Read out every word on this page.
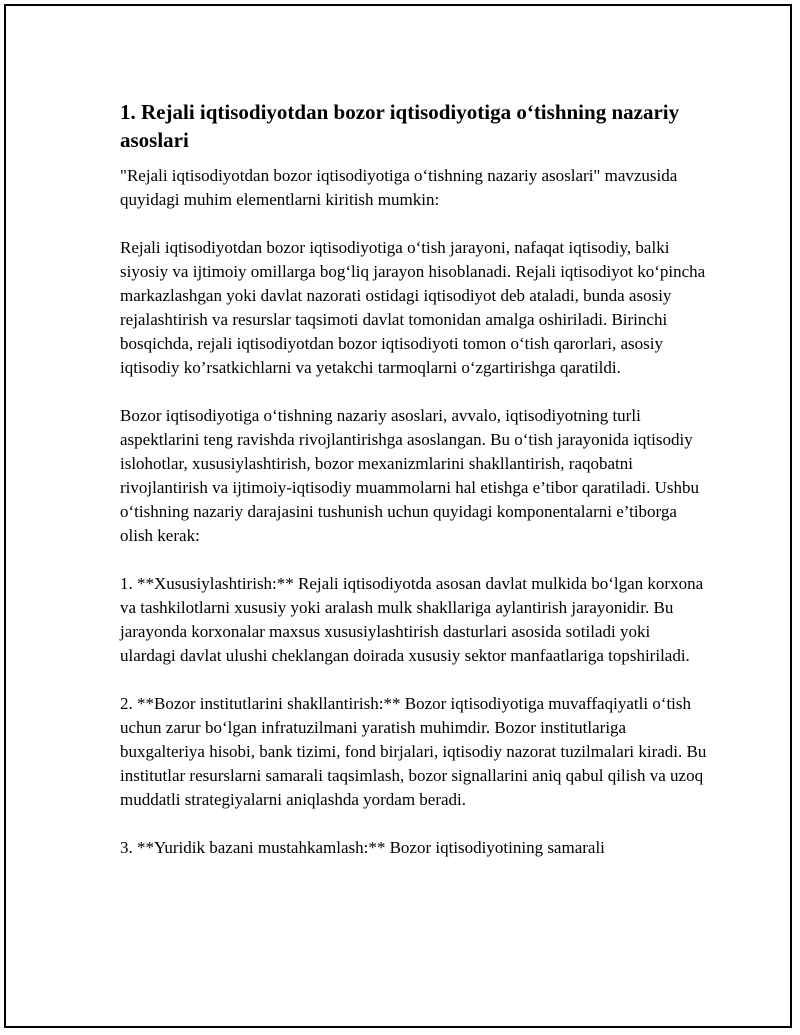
1. Rejali iqtisodiyotdan bozor iqtisodiyotiga o‘tishning nazariy asoslari

"Rejali iqtisodiyotdan bozor iqtisodiyotiga o‘tishning nazariy asoslari" mavzusida quyidagi muhim elementlarni kiritish mumkin:

Rejali iqtisodiyotdan bozor iqtisodiyotiga o‘tish jarayoni, nafaqat iqtisodiy, balki siyosiy va ijtimoiy omillarga bog‘liq jarayon hisoblanadi. Rejali iqtisodiyot ko‘pincha markazlashgan yoki davlat nazorati ostidagi iqtisodiyot deb ataladi, bunda asosiy rejalashtirish va resurslar taqsimoti davlat tomonidan amalga oshiriladi. Birinchi bosqichda, rejali iqtisodiyotdan bozor iqtisodiyoti tomon o‘tish qarorlari, asosiy iqtisodiy ko’rsatkichlarni va yetakchi tarmoqlarni o‘zgartirishga qaratildi.

Bozor iqtisodiyotiga o‘tishning nazariy asoslari, avvalo, iqtisodiyotning turli aspektlarini teng ravishda rivojlantirishga asoslangan. Bu o‘tish jarayonida iqtisodiy islohotlar, xususiylashtirish, bozor mexanizmlarini shakllantirish, raqobatni rivojlantirish va ijtimoiy-iqtisodiy muammolarni hal etishga e’tibor qaratiladi. Ushbu o‘tishning nazariy darajasini tushunish uchun quyidagi komponentalarni e’tiborga olish kerak:

1. **Xususiylashtirish:** Rejali iqtisodiyotda asosan davlat mulkida bo‘lgan korxona va tashkilotlarni xususiy yoki aralash mulk shakllariga aylantirish jarayonidir. Bu jarayonda korxonalar maxsus xususiylashtirish dasturlari asosida sotiladi yoki ulardagi davlat ulushi cheklangan doirada xususiy sektor manfaatlariga topshiriladi.

2. **Bozor institutlarini shakllantirish:** Bozor iqtisodiyotiga muvaffaqiyatli o‘tish uchun zarur bo‘lgan infratuzilmani yaratish muhimdir. Bozor institutlariga buxgalteriya hisobi, bank tizimi, fond birjalari, iqtisodiy nazorat tuzilmalari kiradi. Bu institutlar resurslarni samarali taqsimlash, bozor signallarini aniq qabul qilish va uzoq muddatli strategiyalarni aniqlashda yordam beradi.

3. **Yuridik bazani mustahkamlash:** Bozor iqtisodiyotining samarali
